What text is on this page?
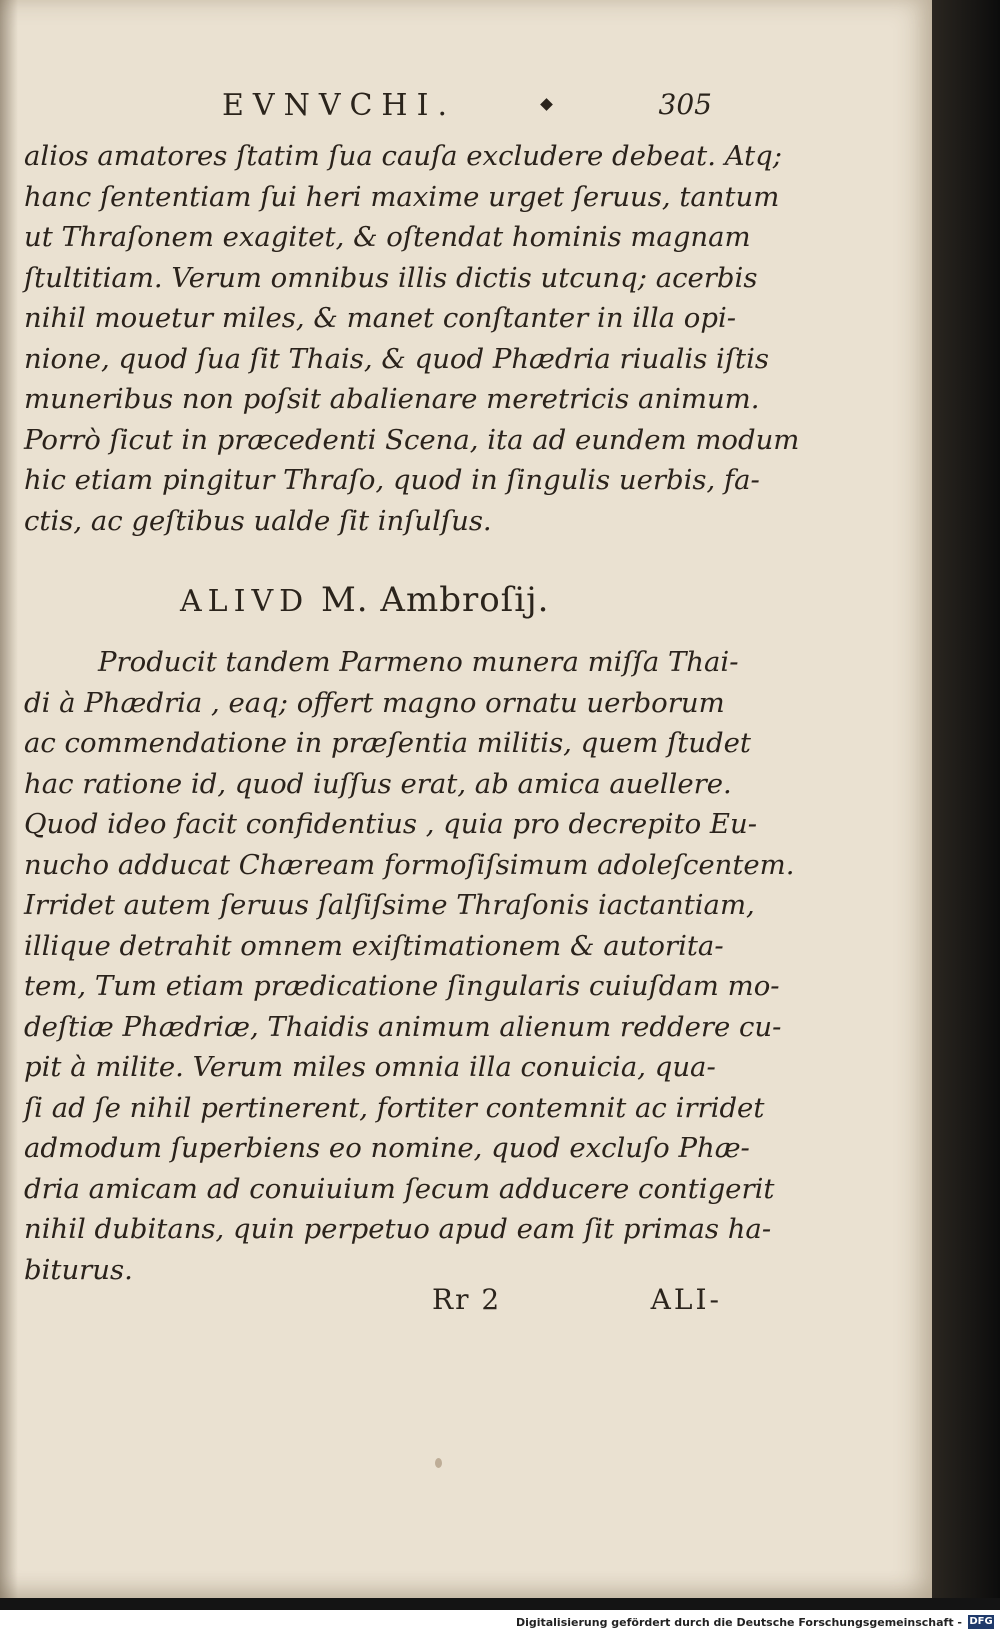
EVNVCHI.	305
alios amatores ſtatim ſua cauſa excludere debeat. Atq;
hanc ſententiam ſui heri maxime urget ſeruus, tantum
ut Thraſonem exagitet, & oſtendat hominis magnam
ſtultitiam. Verum omnibus illis dictis utcunq; acerbis
nihil mouetur miles, & manet conſtanter in illa opi-
nione, quod ſua ſit Thais, & quod Phædria riualis iſtis
muneribus non poſsit abalienare meretricis animum.
Porrò ſicut in præcedenti Scena, ita ad eundem modum
hic etiam pingitur Thraſo, quod in ſingulis uerbis, fa-
ctis, ac geſtibus ualde ſit inſulſus.
ALIVD M. Ambroſij.
Producit tandem Parmeno munera miſſa Thai-
di à Phædria , eaq; offert magno ornatu uerborum
ac commendatione in præſentia militis, quem ſtudet
hac ratione id, quod iuſſus erat, ab amica auellere.
Quod ideo facit confidentius , quia pro decrepito Eu-
nucho adducat Chæream formoſiſsimum adoleſcentem.
Irridet autem ſeruus ſalſiſsime Thraſonis iactantiam,
illique detrahit omnem exiſtimationem & autorita-
tem, Tum etiam prædicatione ſingularis cuiuſdam mo-
deſtiæ Phædriæ, Thaidis animum alienum reddere cu-
pit à milite. Verum miles omnia illa conuicia, qua-
ſi ad ſe nihil pertinerent, fortiter contemnit ac irridet
admodum ſuperbiens eo nomine, quod excluſo Phæ-
dria amicam ad conuiuium ſecum adducere contigerit
nihil dubitans, quin perpetuo apud eam ſit primas ha-
biturus.
Rr 2	ALI-
Digitalisierung gefördert durch die Deutsche Forschungsgemeinschaft - DFG
